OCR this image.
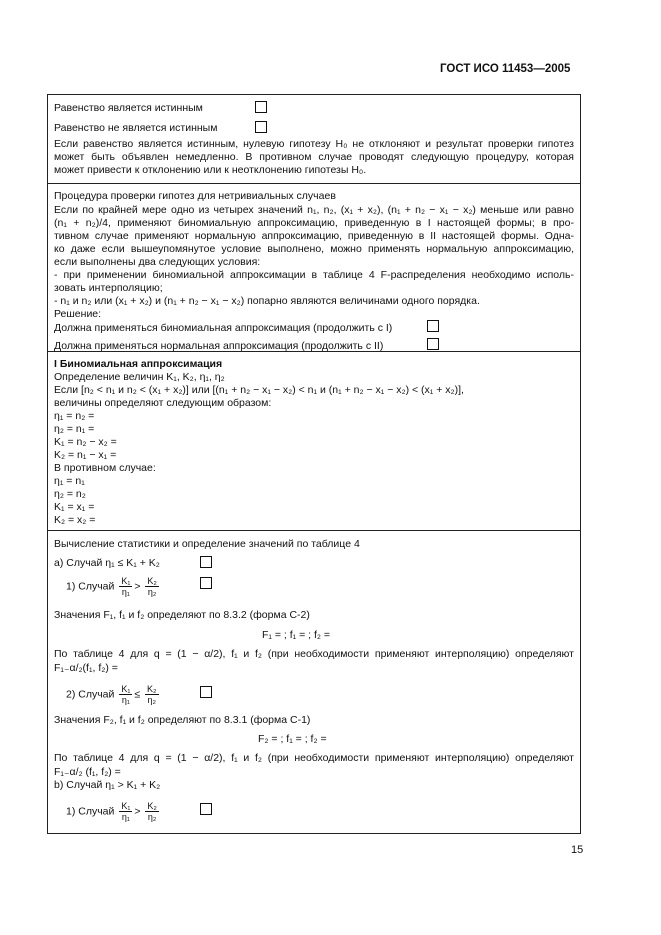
ГОСТ ИСО 11453—2005
Равенство является истинным
Равенство не является истинным
Если равенство является истинным, нулевую гипотезу H₀ не отклоняют и результат проверки гипотез
может быть объявлен немедленно. В противном случае проводят следующую процедуру, которая
может привести к отклонению или к неотклонению гипотезы H₀.
Процедура проверки гипотез для нетривиальных случаев
Если по крайней мере одно из четырех значений n₁, n₂, (x₁ + x₂), (n₁ + n₂ − x₁ − x₂) меньше или равно
(n₁ + n₂)/4, применяют биномиальную аппроксимацию, приведенную в I настоящей формы; в про-
тивном случае применяют нормальную аппроксимацию, приведенную в II настоящей формы. Одна-
ко даже если вышеупомянутое условие выполнено, можно применять нормальную аппроксимацию,
если выполнены два следующих условия:
- при применении биномиальной аппроксимации в таблице 4 F-распределения необходимо исполь-
зовать интерполяцию;
- n₁ и n₂ или (x₁ + x₂) и (n₁ + n₂ − x₁ − x₂) попарно являются величинами одного порядка.
Решение:
Должна применяться биномиальная аппроксимация (продолжить с I)
Должна применяться нормальная аппроксимация (продолжить с II)
I Биномиальная аппроксимация
Определение величин K₁, K₂, η₁, η₂
Если [n₂ < n₁ и n₂ < (x₁ + x₂)] или [(n₁ + n₂ − x₁ − x₂) < n₁ и (n₁ + n₂ − x₁ − x₂) < (x₁ + x₂)],
величины определяют следующим образом:
η₁ = n₂ =
η₂ = n₁ =
K₁ = n₂ − x₂ =
K₂ = n₁ − x₁ =
В противном случае:
η₁ = n₁
η₂ = n₂
K₁ = x₁ =
K₂ = x₂ =
Вычисление статистики и определение значений по таблице 4
a) Случай η₁ ≤ K₁ + K₂
1) Случай $\frac{\text{K₁}}{\text{η₁}} > \frac{\text{K₂}}{\text{η₂}}$
Значения F₁, f₁ и f₂ определяют по 8.3.2 (форма С-2)
F₁ = ; f₁ = ; f₂ =
По таблице 4 для q = (1 − α/2), f₁ и f₂ (при необходимости применяют интерполяцию) определяют
F₁₋α/₂(f₁, f₂) =
2) Случай $\frac{\text{K₁}}{\text{η₁}} \le \frac{\text{K₂}}{\text{η₂}}$
Значения F₂, f₁ и f₂ определяют по 8.3.1 (форма С-1)
F₂ = ; f₁ = ; f₂ =
По таблице 4 для q = (1 − α/2), f₁ и f₂ (при необходимости применяют интерполяцию) определяют
F₁₋α/₂ (f₁, f₂) =
b) Случай η₁ > K₁ + K₂
1) Случай $\frac{\text{K₁}}{\text{η₁}} > \frac{\text{K₂}}{\text{η₂}}$
15
